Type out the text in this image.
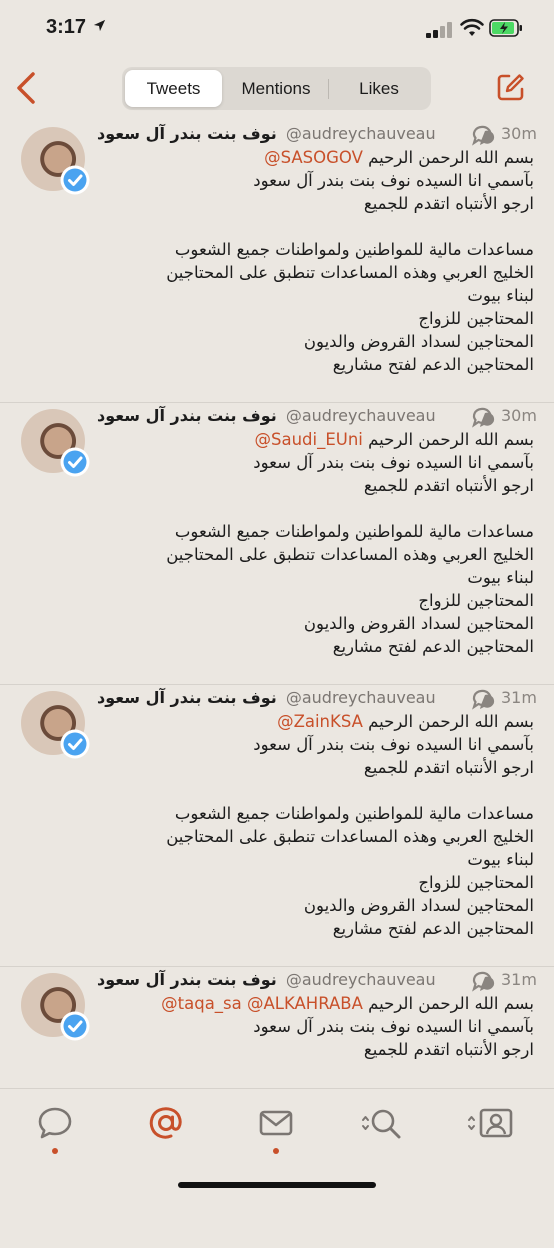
3:17
Tweets	Mentions	Likes
نوف بنت بندر آل سعود @audreychauveau	30m
بسم الله الرحمن الرحيم @SASOGOV
بآسمي انا السيده نوف بنت بندر آل سعود
ارجو الأنتباه اتقدم للجميع
مساعدات مالية للمواطنين ولمواطنات جميع الشعوب
الخليج العربي وهذه المساعدات تنطبق على المحتاجين
لبناء بيوت
المحتاجين للزواج
المحتاجين لسداد القروض والديون
المحتاجين الدعم لفتح مشاريع
نوف بنت بندر آل سعود @audreychauveau	30m
بسم الله الرحمن الرحيم @Saudi_EUni
بآسمي انا السيده نوف بنت بندر آل سعود
ارجو الأنتباه اتقدم للجميع
مساعدات مالية للمواطنين ولمواطنات جميع الشعوب
الخليج العربي وهذه المساعدات تنطبق على المحتاجين
لبناء بيوت
المحتاجين للزواج
المحتاجين لسداد القروض والديون
المحتاجين الدعم لفتح مشاريع
نوف بنت بندر آل سعود @audreychauveau	31m
بسم الله الرحمن الرحيم @ZainKSA
بآسمي انا السيده نوف بنت بندر آل سعود
ارجو الأنتباه اتقدم للجميع
مساعدات مالية للمواطنين ولمواطنات جميع الشعوب
الخليج العربي وهذه المساعدات تنطبق على المحتاجين
لبناء بيوت
المحتاجين للزواج
المحتاجين لسداد القروض والديون
المحتاجين الدعم لفتح مشاريع
نوف بنت بندر آل سعود @audreychauveau	31m
بسم الله الرحمن الرحيم @taqa_sa @ALKAHRABA
بآسمي انا السيده نوف بنت بندر آل سعود
ارجو الأنتباه اتقدم للجميع
